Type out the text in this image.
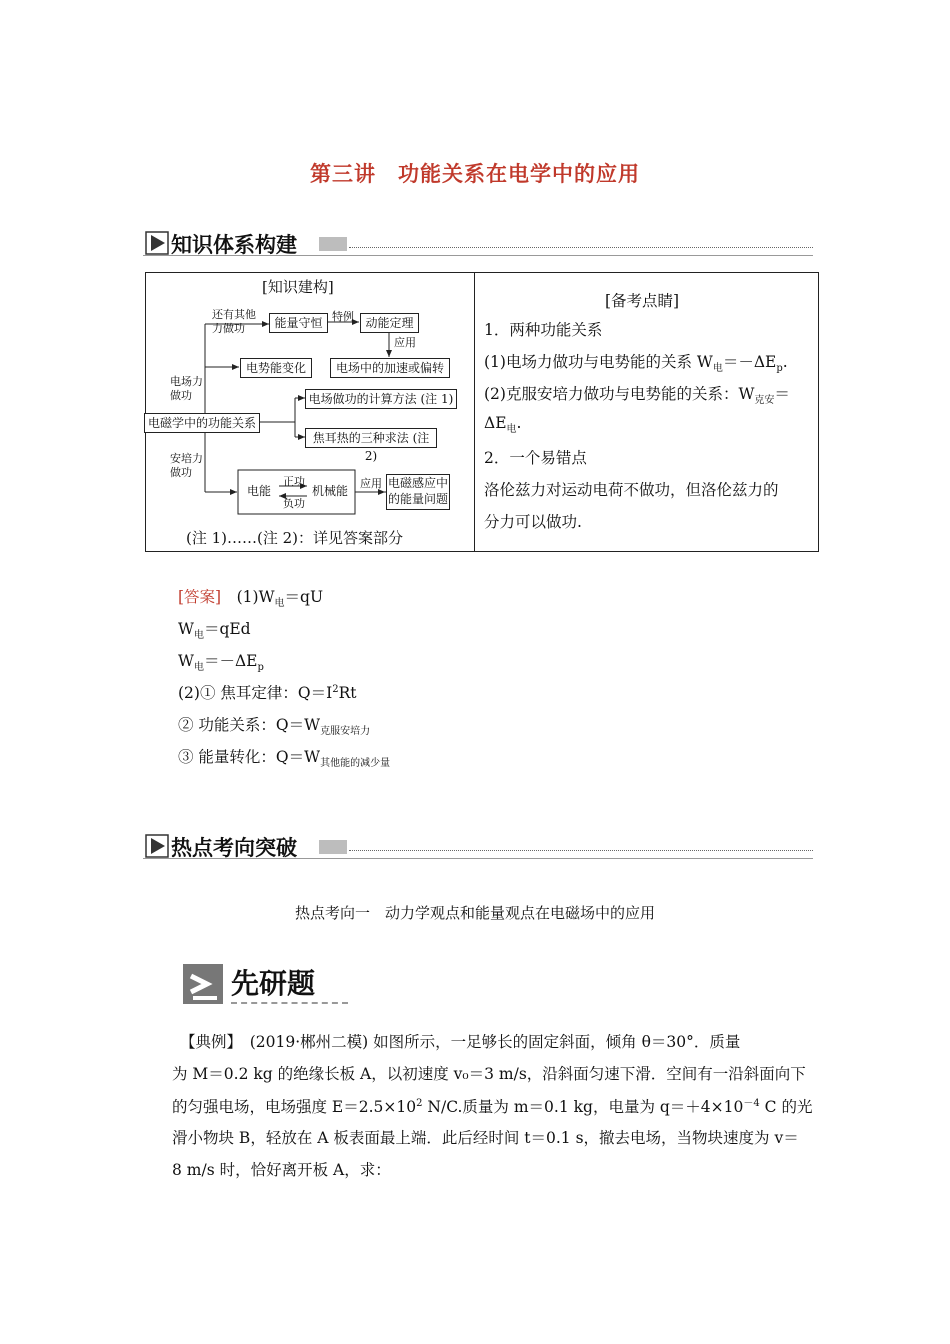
第三讲　功能关系在电学中的应用
知识体系构建
[知识建构]
能量守恒	动能定理
电势能变化	电场中的加速或偏转
电磁学中的功能关系
电场做功的计算方法 (注 1)
焦耳热的三种求法 (注 2)
电能	机械能
电磁感应中
的能量问题
还有其他
力做功
特例
应用
电场力
做功
安培力
做功
正功
负功
应用
(注 1)……(注 2)：详见答案部分
[备考点睛]
1．两种功能关系
(1)电场力做功与电势能的关系 $W_电=-\Delta E_p$.
(2)克服安培力做功与电势能的关系：$W_{克安}=$
$\Delta E_电$.
2．一个易错点
洛伦兹力对运动电荷不做功，但洛伦兹力的
分力可以做功.
[答案]　 $(1)W_电=qU$
$W_电=qEd$
$W_电=-\Delta E_p$
(2)① 焦耳定律：$Q=I^2Rt$
② 功能关系：$Q=W_{克服安培力}$
③ 能量转化：$Q=W_{其他能的减少量}$
热点考向突破
热点考向一　动力学观点和能量观点在电磁场中的应用
先研题
【典例】　(2019·郴州二模) 如图所示，一足够长的固定斜面，倾角 θ＝30°．质量
为 M＝0.2 kg 的绝缘长板 A，以初速度 v₀＝3 m/s，沿斜面匀速下滑．空间有一沿斜面向下
的匀强电场，电场强度 $E=2.5\times 10^2$ N/C.质量为 m＝0.1 kg，电量为 $q=+4\times 10^{-4}$ C 的光
滑小物块 B，轻放在 A 板表面最上端．此后经时间 t＝0.1 s，撤去电场，当物块速度为 v＝
8 m/s 时，恰好离开板 A，求：
